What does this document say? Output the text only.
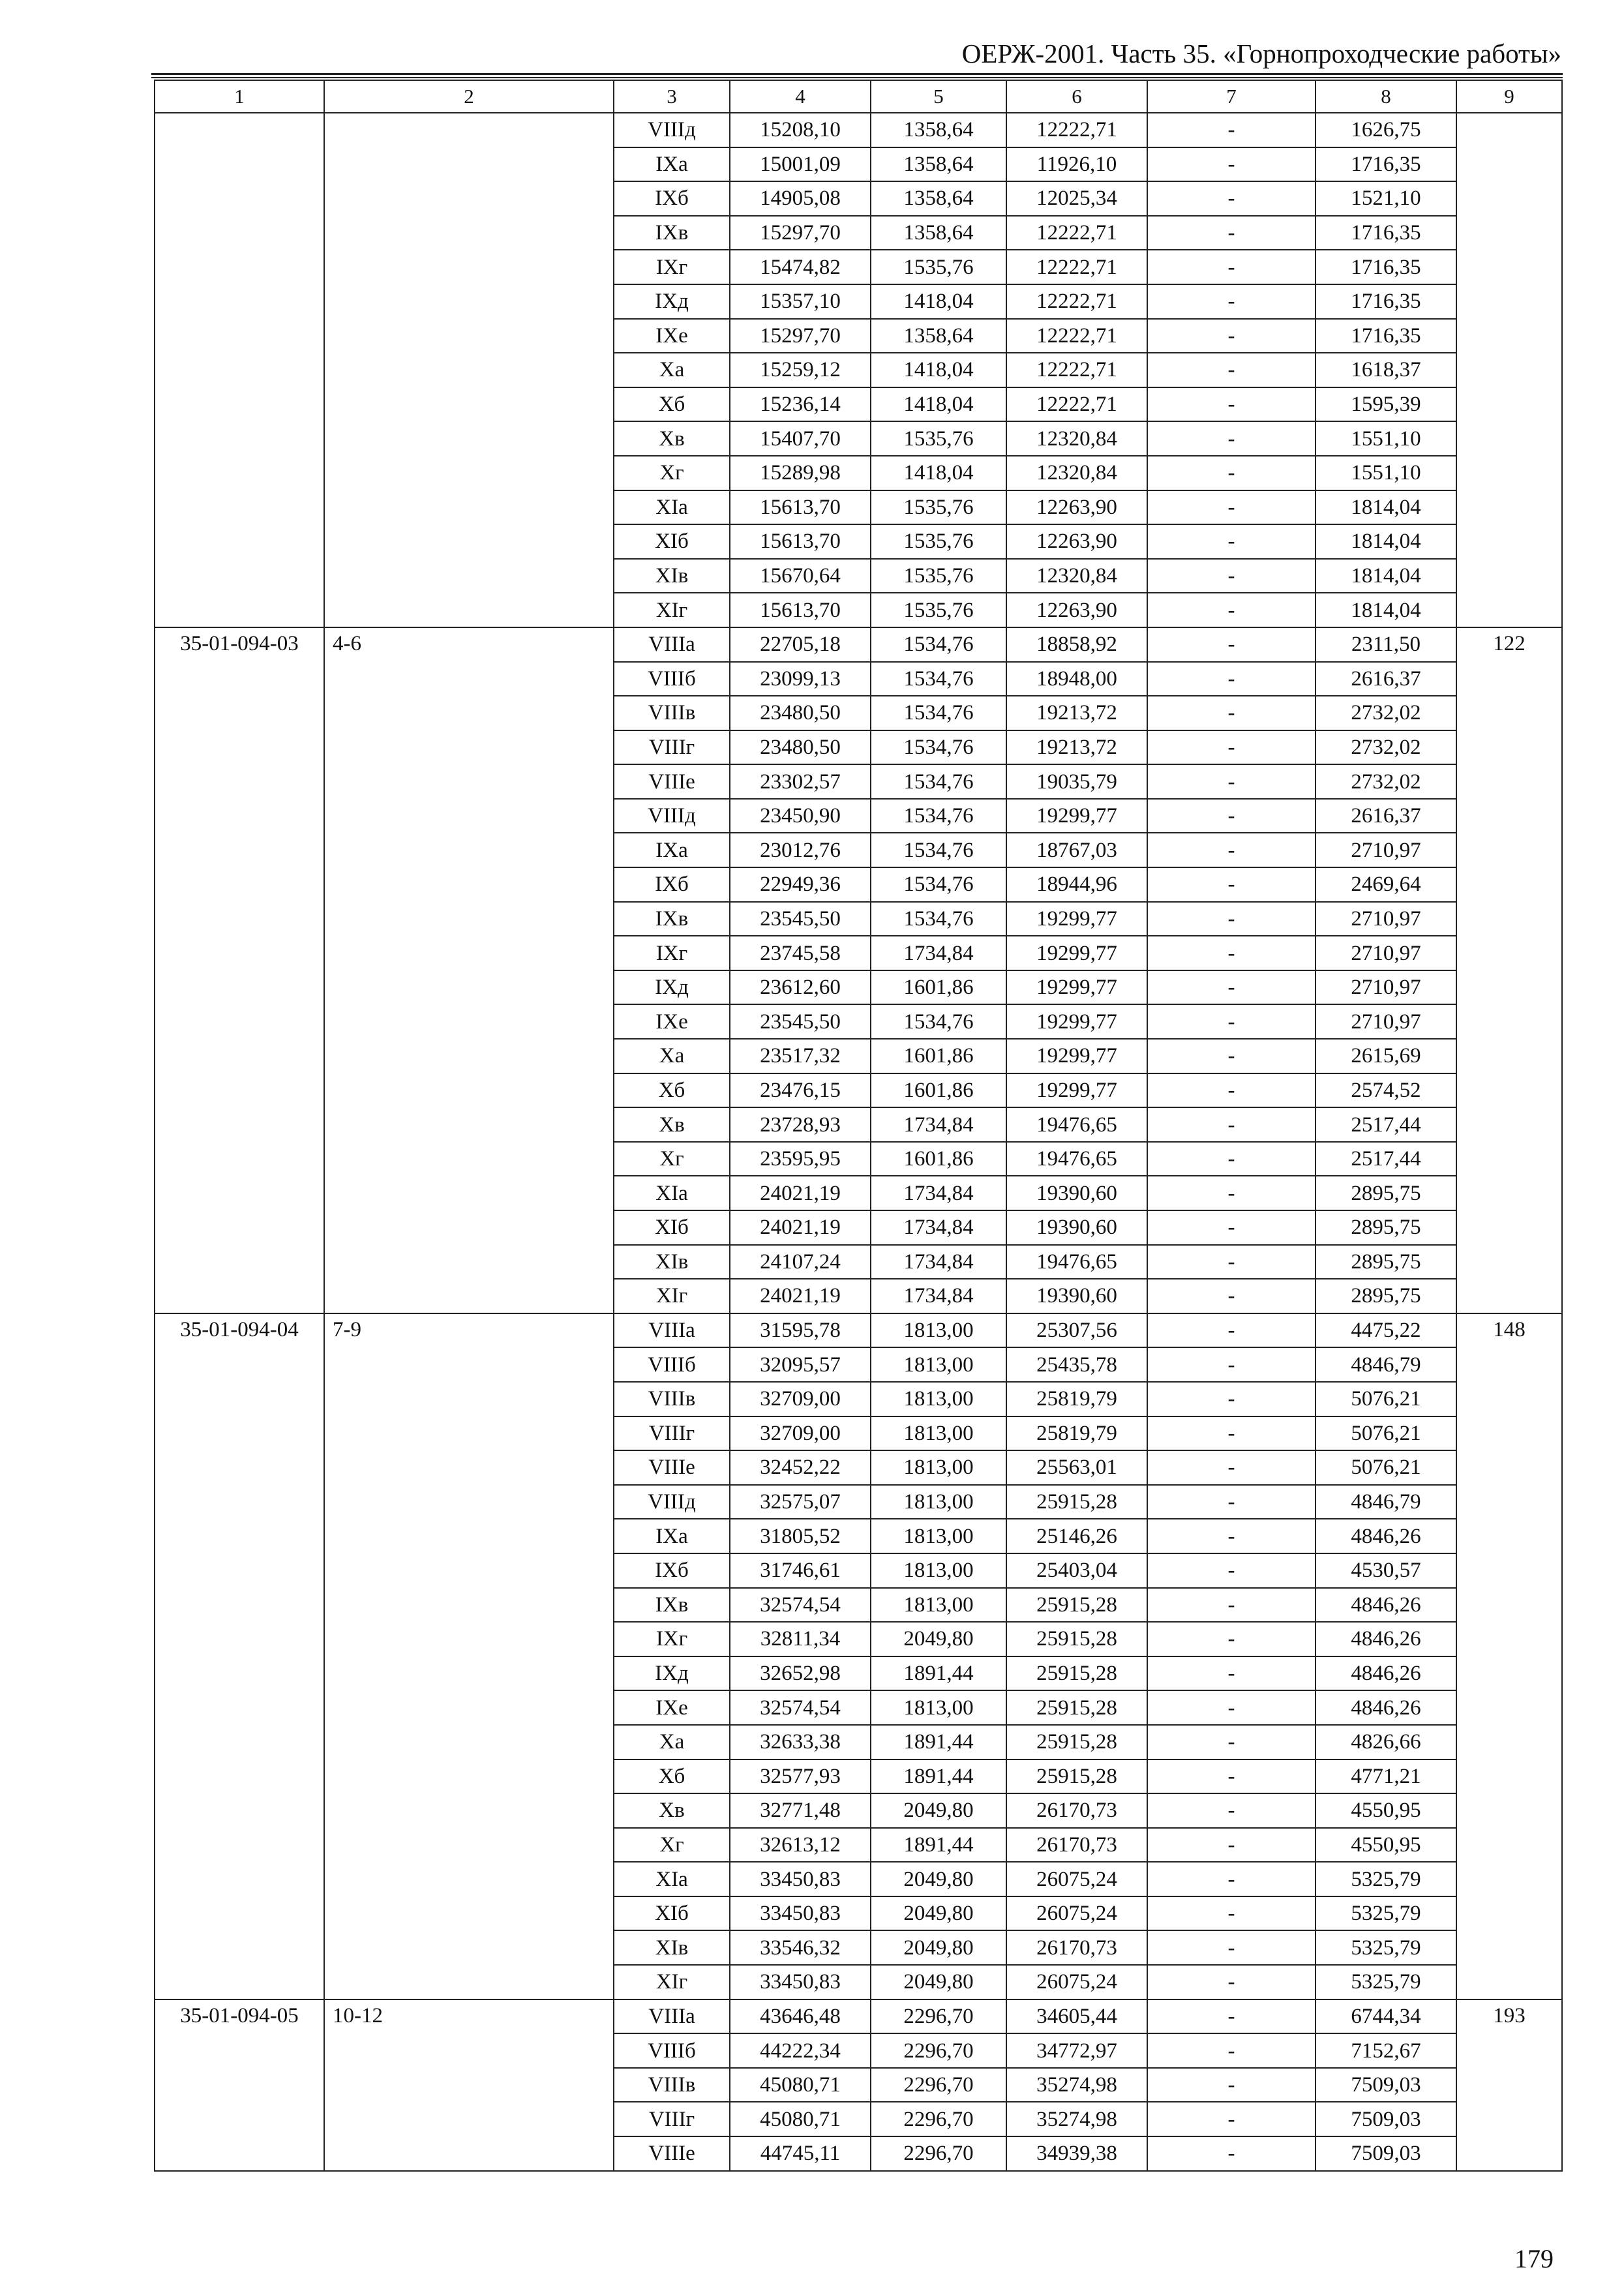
ОЕРЖ-2001. Часть 35. «Горнопроходческие работы»
1	2	3	4	5	6	7	8	9
		VIIIд	15208,10	1358,64	12222,71	-	1626,75	
		IXа	15001,09	1358,64	11926,10	-	1716,35	
		IXб	14905,08	1358,64	12025,34	-	1521,10	
		IXв	15297,70	1358,64	12222,71	-	1716,35	
		IXг	15474,82	1535,76	12222,71	-	1716,35	
		IXд	15357,10	1418,04	12222,71	-	1716,35	
		IXе	15297,70	1358,64	12222,71	-	1716,35	
		Xа	15259,12	1418,04	12222,71	-	1618,37	
		Xб	15236,14	1418,04	12222,71	-	1595,39	
		Xв	15407,70	1535,76	12320,84	-	1551,10	
		Xг	15289,98	1418,04	12320,84	-	1551,10	
		XIа	15613,70	1535,76	12263,90	-	1814,04	
		XIб	15613,70	1535,76	12263,90	-	1814,04	
		XIв	15670,64	1535,76	12320,84	-	1814,04	
		XIг	15613,70	1535,76	12263,90	-	1814,04	
35-01-094-03	4-6	VIIIа	22705,18	1534,76	18858,92	-	2311,50	122
		VIIIб	23099,13	1534,76	18948,00	-	2616,37	
		VIIIв	23480,50	1534,76	19213,72	-	2732,02	
		VIIIг	23480,50	1534,76	19213,72	-	2732,02	
		VIIIе	23302,57	1534,76	19035,79	-	2732,02	
		VIIIд	23450,90	1534,76	19299,77	-	2616,37	
		IXа	23012,76	1534,76	18767,03	-	2710,97	
		IXб	22949,36	1534,76	18944,96	-	2469,64	
		IXв	23545,50	1534,76	19299,77	-	2710,97	
		IXг	23745,58	1734,84	19299,77	-	2710,97	
		IXд	23612,60	1601,86	19299,77	-	2710,97	
		IXе	23545,50	1534,76	19299,77	-	2710,97	
		Xа	23517,32	1601,86	19299,77	-	2615,69	
		Xб	23476,15	1601,86	19299,77	-	2574,52	
		Xв	23728,93	1734,84	19476,65	-	2517,44	
		Xг	23595,95	1601,86	19476,65	-	2517,44	
		XIа	24021,19	1734,84	19390,60	-	2895,75	
		XIб	24021,19	1734,84	19390,60	-	2895,75	
		XIв	24107,24	1734,84	19476,65	-	2895,75	
		XIг	24021,19	1734,84	19390,60	-	2895,75	
35-01-094-04	7-9	VIIIа	31595,78	1813,00	25307,56	-	4475,22	148
		VIIIб	32095,57	1813,00	25435,78	-	4846,79	
		VIIIв	32709,00	1813,00	25819,79	-	5076,21	
		VIIIг	32709,00	1813,00	25819,79	-	5076,21	
		VIIIе	32452,22	1813,00	25563,01	-	5076,21	
		VIIIд	32575,07	1813,00	25915,28	-	4846,79	
		IXа	31805,52	1813,00	25146,26	-	4846,26	
		IXб	31746,61	1813,00	25403,04	-	4530,57	
		IXв	32574,54	1813,00	25915,28	-	4846,26	
		IXг	32811,34	2049,80	25915,28	-	4846,26	
		IXд	32652,98	1891,44	25915,28	-	4846,26	
		IXе	32574,54	1813,00	25915,28	-	4846,26	
		Xа	32633,38	1891,44	25915,28	-	4826,66	
		Xб	32577,93	1891,44	25915,28	-	4771,21	
		Xв	32771,48	2049,80	26170,73	-	4550,95	
		Xг	32613,12	1891,44	26170,73	-	4550,95	
		XIа	33450,83	2049,80	26075,24	-	5325,79	
		XIб	33450,83	2049,80	26075,24	-	5325,79	
		XIв	33546,32	2049,80	26170,73	-	5325,79	
		XIг	33450,83	2049,80	26075,24	-	5325,79	
35-01-094-05	10-12	VIIIа	43646,48	2296,70	34605,44	-	6744,34	193
		VIIIб	44222,34	2296,70	34772,97	-	7152,67	
		VIIIв	45080,71	2296,70	35274,98	-	7509,03	
		VIIIг	45080,71	2296,70	35274,98	-	7509,03	
		VIIIе	44745,11	2296,70	34939,38	-	7509,03	
179
